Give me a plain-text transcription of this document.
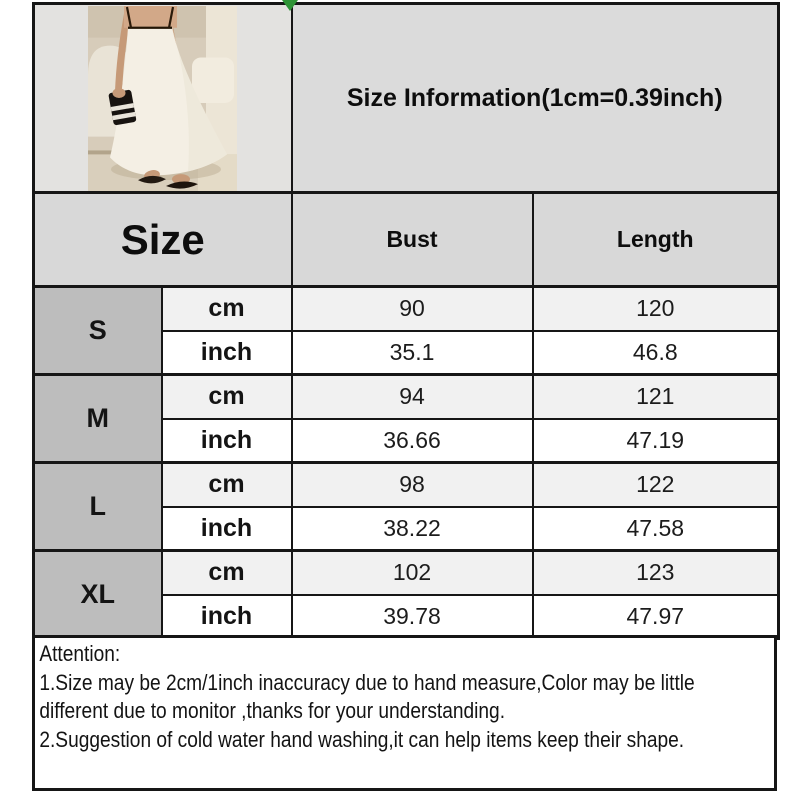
	Size Information(1cm=0.39inch)	
Size		Bust	Length
S	cm	90	120
	inch	35.1	46.8
M	cm	94	121
	inch	36.66	47.19
L	cm	98	122
	inch	38.22	47.58
XL	cm	102	123
	inch	39.78	47.97
Attention:
1.Size may be 2cm/1inch inaccuracy due to hand measure,Color may be little
different due to monitor ,thanks for your understanding.
2.Suggestion of cold water hand washing,it can help items keep their shape.
